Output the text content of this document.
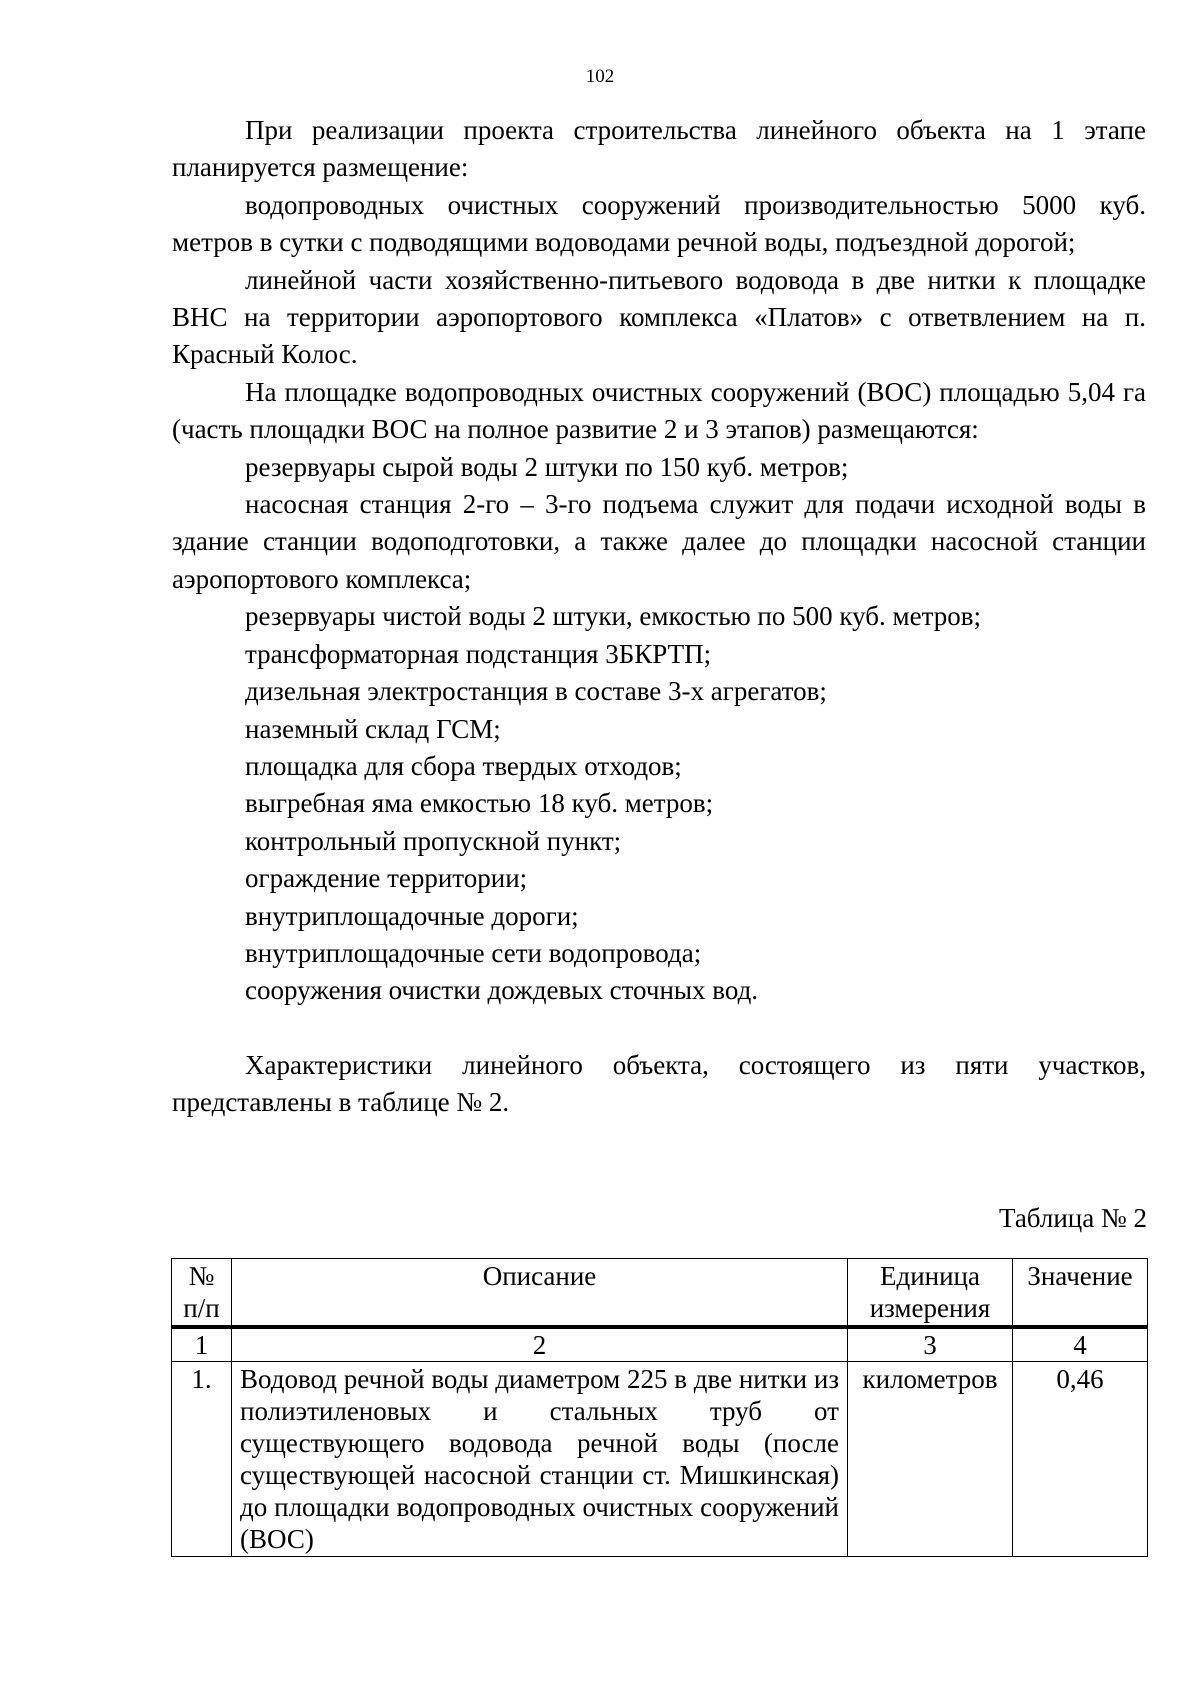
102

При реализации проекта строительства линейного объекта на 1 этапе планируется размещение:

водопроводных очистных сооружений производительностью 5000 куб. метров в сутки с подводящими водоводами речной воды, подъездной дорогой;

линейной части хозяйственно-питьевого водовода в две нитки к площадке ВНС на территории аэропортового комплекса «Платов» с ответвлением на п. Красный Колос.

На площадке водопроводных очистных сооружений (ВОС) площадью 5,04 га (часть площадки ВОС на полное развитие 2 и 3 этапов) размещаются:

резервуары сырой воды 2 штуки по 150 куб. метров;

насосная станция 2-го – 3-го подъема служит для подачи исходной воды в здание станции водоподготовки, а также далее до площадки насосной станции аэропортового комплекса;

резервуары чистой воды 2 штуки, емкостью по 500 куб. метров;

трансформаторная подстанция 3БКРТП;

дизельная электростанция в составе 3-х агрегатов;

наземный склад ГСМ;

площадка для сбора твердых отходов;

выгребная яма емкостью 18 куб. метров;

контрольный пропускной пункт;

ограждение территории;

внутриплощадочные дороги;

внутриплощадочные сети водопровода;

сооружения очистки дождевых сточных вод.

Характеристики линейного объекта, состоящего из пяти участков, представлены в таблице № 2.

Таблица № 2
№ п/п	Описание	Единица измерения	Значение
1	2	3	4
1.	Водовод речной воды диаметром 225 в две нитки из полиэтиленовых и стальных труб от существующего водовода речной воды (после существующей насосной станции ст. Мишкинская) до площадки водопроводных очистных сооружений (ВОС)	километров	0,46
